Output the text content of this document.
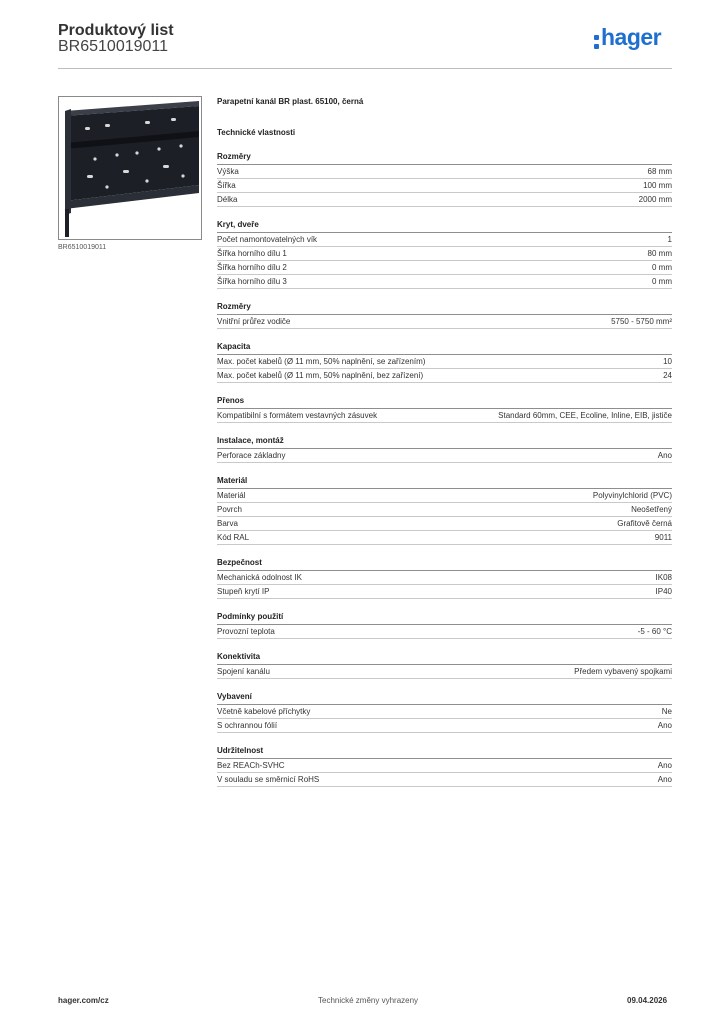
Produktový list
BR6510019011	hager
BR6510019011
Parapetní kanál BR plast. 65100, černá
Technické vlastnosti
Rozměry
Výška	68 mm
Šířka	100 mm
Délka	2000 mm
Kryt, dveře
Počet namontovatelných vík	1
Šířka horního dílu 1	80 mm
Šířka horního dílu 2	0 mm
Šířka horního dílu 3	0 mm
Rozměry
Vnitřní průřez vodiče	5750 - 5750 mm²
Kapacita
Max. počet kabelů (Ø 11 mm, 50% naplnění, se zařízením)	10
Max. počet kabelů (Ø 11 mm, 50% naplnění, bez zařízení)	24
Přenos
Kompatibilní s formátem vestavných zásuvek	Standard 60mm, CEE, Ecoline, Inline, EIB, jističe
Instalace, montáž
Perforace základny	Ano
Materiál
Materiál	Polyvinylchlorid (PVC)
Povrch	Neošetřený
Barva	Grafitově černá
Kód RAL	9011
Bezpečnost
Mechanická odolnost IK	IK08
Stupeň krytí IP	IP40
Podmínky použití
Provozní teplota	-5 - 60 °C
Konektivita
Spojení kanálu	Předem vybavený spojkami
Vybavení
Včetně kabelové příchytky	Ne
S ochrannou fólií	Ano
Udržitelnost
Bez REACh-SVHC	Ano
V souladu se směrnicí RoHS	Ano
hager.com/cz	Technické změny vyhrazeny	09.04.2026
